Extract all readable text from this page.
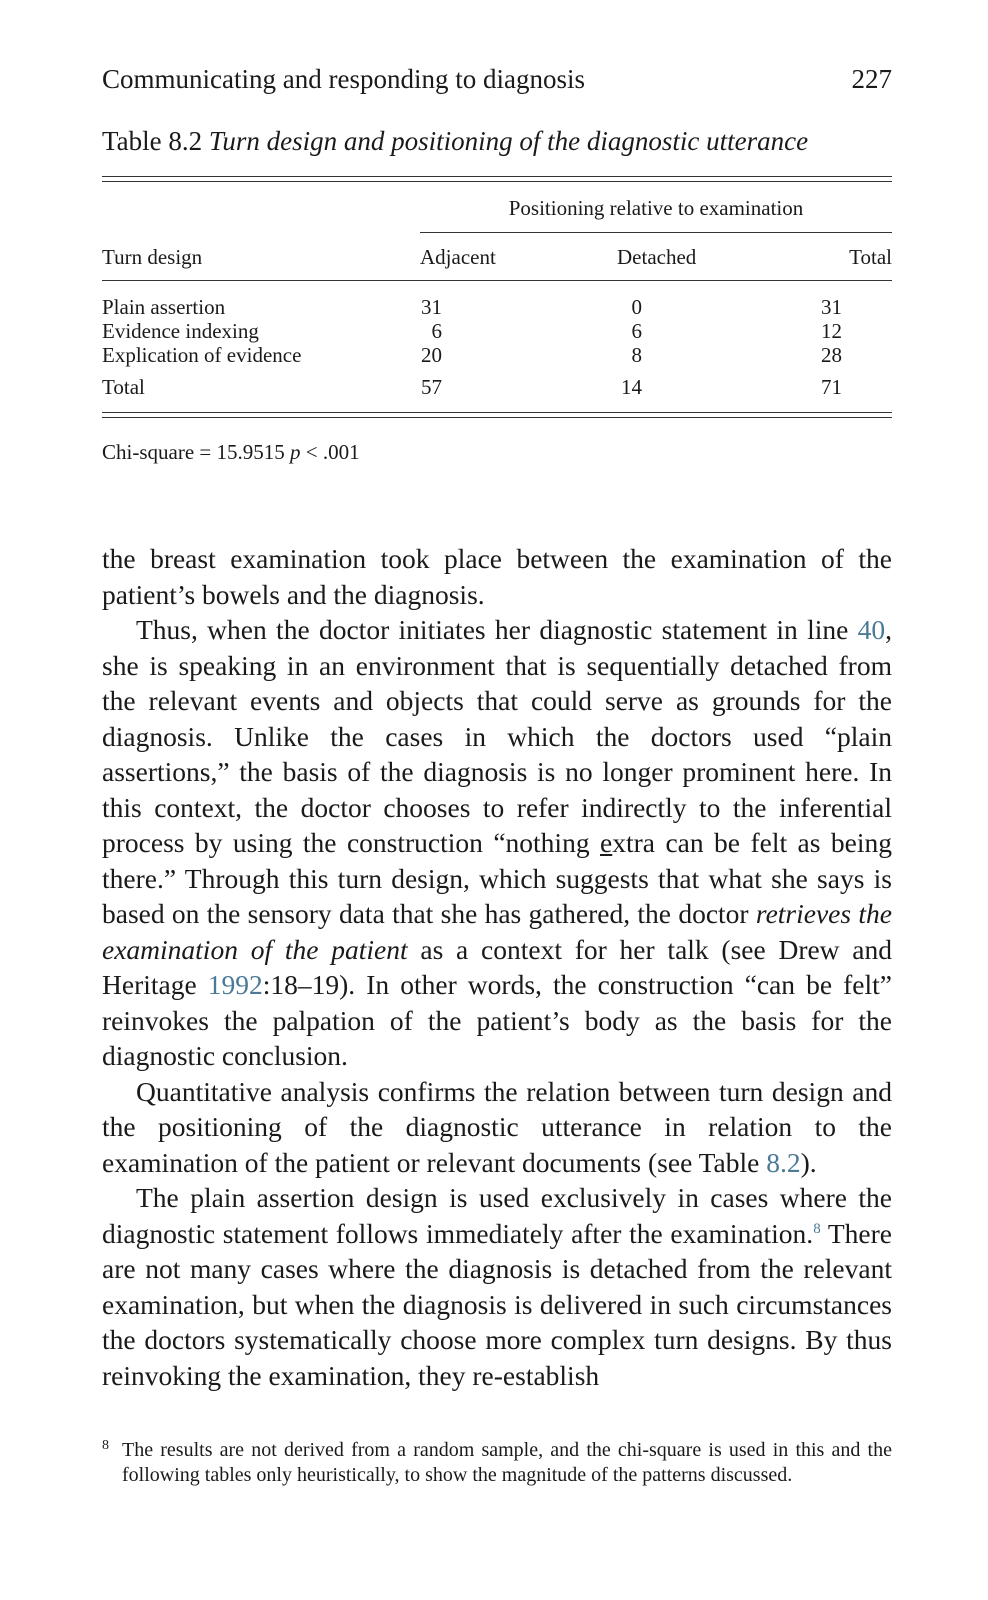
Communicating and responding to diagnosis	227
Table 8.2 Turn design and positioning of the diagnostic utterance
Positioning relative to examination
Turn design	Adjacent	Detached	Total
Plain assertion	31	0	31
Evidence indexing	6	6	12
Explication of evidence	20	8	28
Total	57	14	71
Chi-square = 15.9515 p < .001

the breast examination took place between the examination of the patient’s bowels and the diagnosis.

Thus, when the doctor initiates her diagnostic statement in line 40, she is speaking in an environment that is sequentially detached from the relevant events and objects that could serve as grounds for the diagnosis. Unlike the cases in which the doctors used “plain assertions,” the basis of the diagnosis is no longer prominent here. In this context, the doctor chooses to refer indirectly to the inferential process by using the construction “nothing extra can be felt as being there.” Through this turn design, which suggests that what she says is based on the sensory data that she has gathered, the doctor retrieves the examination of the patient as a context for her talk (see Drew and Heritage 1992:18–19). In other words, the construction “can be felt” reinvokes the palpation of the patient’s body as the basis for the diagnostic conclusion.

Quantitative analysis confirms the relation between turn design and the positioning of the diagnostic utterance in relation to the examination of the patient or relevant documents (see Table 8.2).

The plain assertion design is used exclusively in cases where the diagnostic statement follows immediately after the examination.$^8$ There are not many cases where the diagnosis is detached from the relevant examination, but when the diagnosis is delivered in such circumstances the doctors systematically choose more complex turn designs. By thus reinvoking the examination, they re-establish

8 The results are not derived from a random sample, and the chi-square is used in this and the following tables only heuristically, to show the magnitude of the patterns discussed.
